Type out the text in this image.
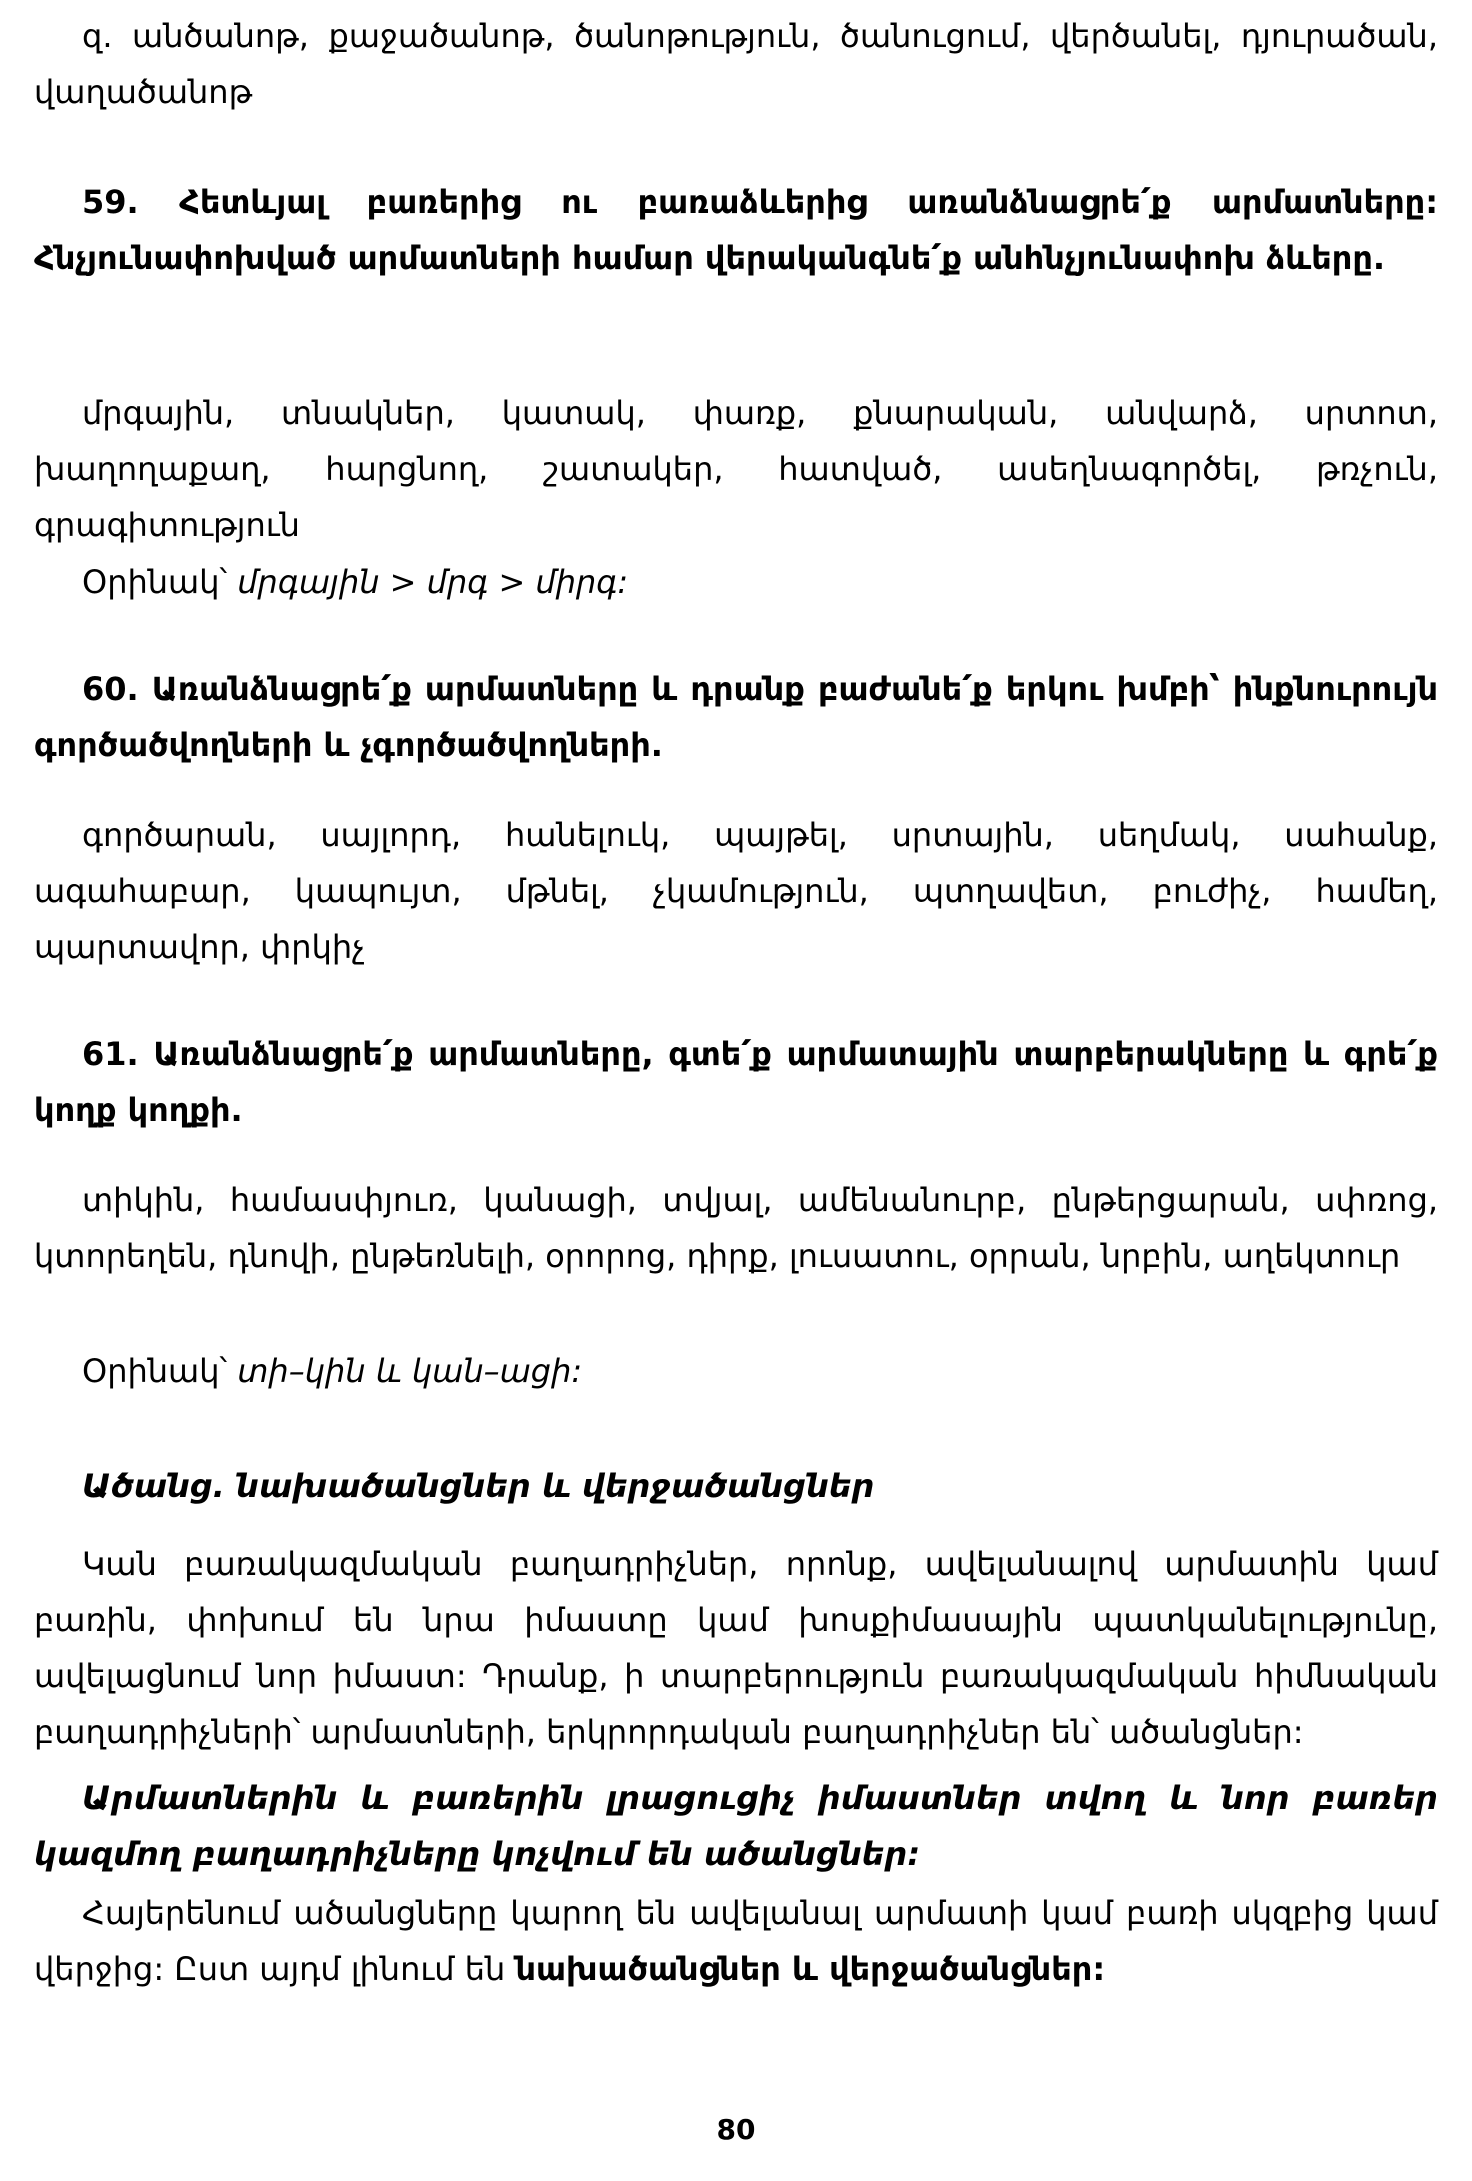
զ. անծանոթ, քաջածանոթ, ծանոթություն, ծանուցում, վերծանել, դյուրածան, վաղածանոթ

59. Հետևյալ բառերից ու բառաձևերից առանձնացրե՛ք արմատները: Հնչյունափոխված արմատների համար վերականգնե՛ք անհնչյունափոխ ձևերը.

մրգային, տնակներ, կատակ, փառք, քնարական, անվարձ, սրտոտ, խաղողաքաղ, հարցնող, շատակեր, հատված, ասեղնագործել, թռչուն, գրագիտություն

Օրինակ՝ մրգային > մրգ > միրգ:

60. Առանձնացրե՛ք արմատները և դրանք բաժանե՛ք երկու խմբի՝ ինքնուրույն գործածվողների և չգործածվողների.

գործարան, սայլորդ, հանելուկ, պայթել, սրտային, սեղմակ, սահանք, ագահաբար, կապույտ, մթնել, չկամություն, պտղավետ, բուժիչ, համեղ, պարտավոր, փրկիչ

61. Առանձնացրե՛ք արմատները, գտե՛ք արմատային տարբերակները և գրե՛ք կողք կողքի.

տիկին, համասփյուռ, կանացի, տվյալ, ամենանուրբ, ընթերցարան, սփռոց, կտորեղեն, դնովի, ընթեռնելի, օրորոց, դիրք, լուսատու, օրրան, նրբին, աղեկտուր

Օրինակ՝ տի–կին և կան–ացի:

Ածանց. նախածանցներ և վերջածանցներ

Կան բառակազմական բաղադրիչներ, որոնք, ավելանալով արմատին կամ բառին, փոխում են նրա իմաստը կամ խոսքիմասային պատկանելությունը, ավելացնում նոր իմաստ: Դրանք, ի տարբերություն բառակազմական հիմնական բաղադրիչների՝ արմատների, երկրորդական բաղադրիչներ են՝ ածանցներ:

Արմատներին և բառերին լրացուցիչ իմաստներ տվող և նոր բառեր կազմող բաղադրիչները կոչվում են ածանցներ:

Հայերենում ածանցները կարող են ավելանալ արմատի կամ բառի սկզբից կամ վերջից: Ըստ այդմ լինում են նախածանցներ և վերջածանցներ:

80
